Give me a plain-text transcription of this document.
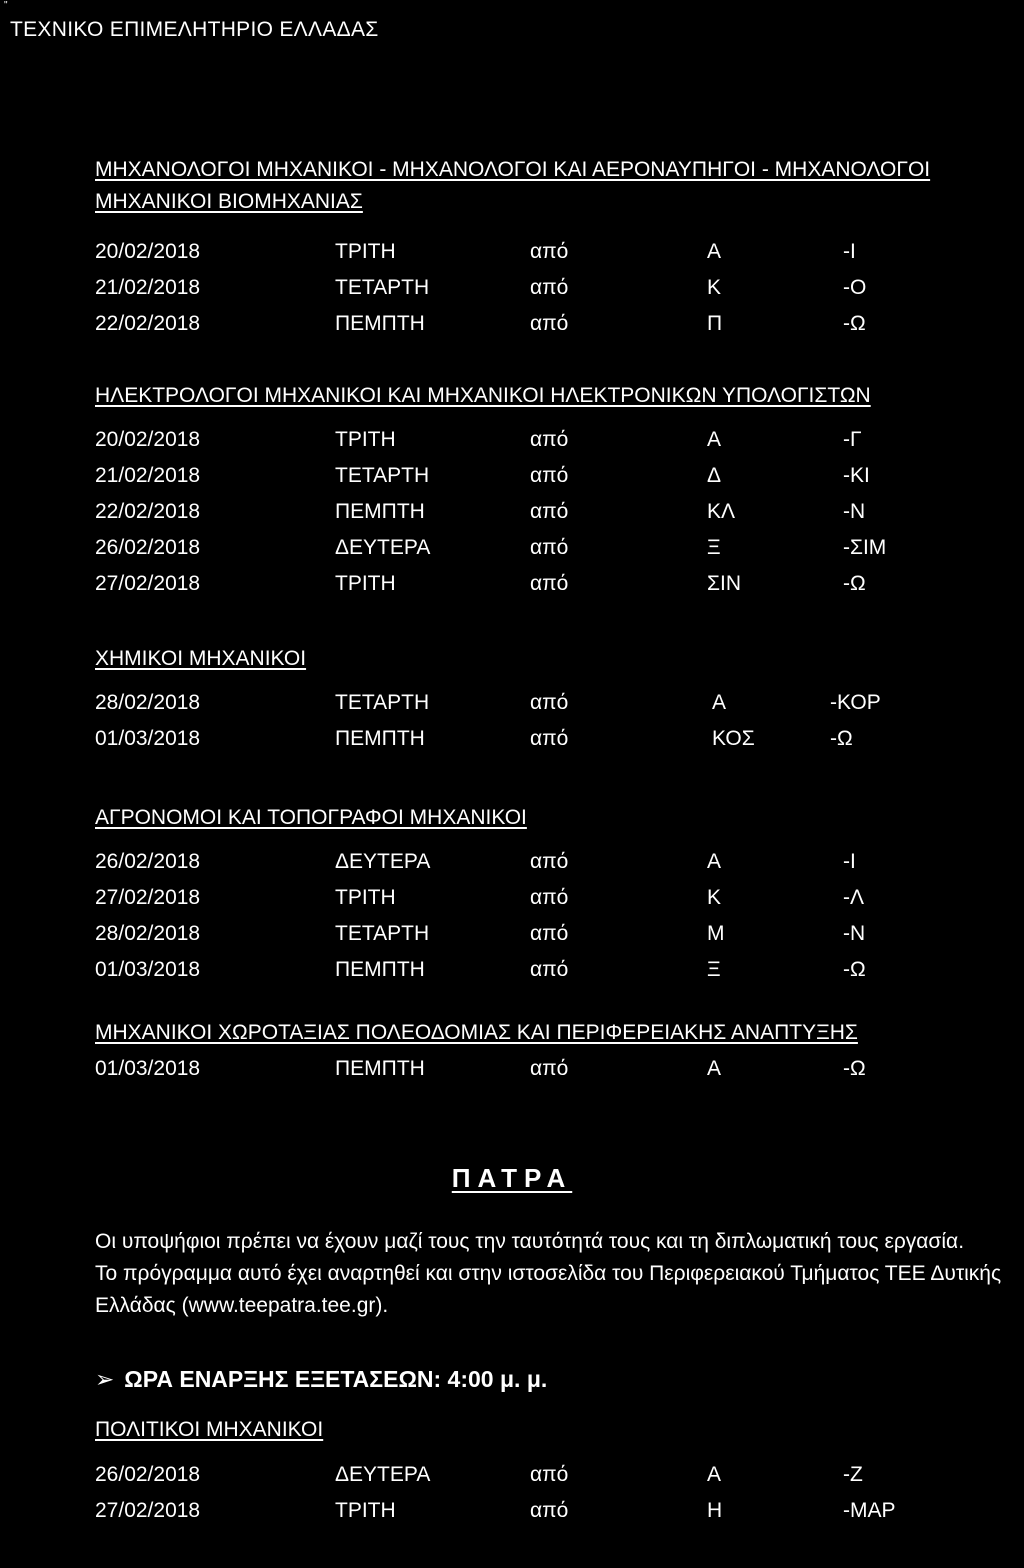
"
ΤΕΧΝΙΚΟ ΕΠΙΜΕΛΗΤΗΡΙΟ ΕΛΛΑΔΑΣ

ΜΗΧΑΝΟΛΟΓΟΙ ΜΗΧΑΝΙΚΟΙ - ΜΗΧΑΝΟΛΟΓΟΙ ΚΑΙ ΑΕΡΟΝΑΥΠΗΓΟΙ - ΜΗΧΑΝΟΛΟΓΟΙ ΜΗΧΑΝΙΚΟΙ ΒΙΟΜΗΧΑΝΙΑΣ

20/02/2018	ΤΡΙΤΗ	από	Α	-Ι
21/02/2018	ΤΕΤΑΡΤΗ	από	Κ	-Ο
22/02/2018	ΠΕΜΠΤΗ	από	Π	-Ω

ΗΛΕΚΤΡΟΛΟΓΟΙ ΜΗΧΑΝΙΚΟΙ ΚΑΙ ΜΗΧΑΝΙΚΟΙ ΗΛΕΚΤΡΟΝΙΚΩΝ ΥΠΟΛΟΓΙΣΤΩΝ

20/02/2018	ΤΡΙΤΗ	από	Α	-Γ
21/02/2018	ΤΕΤΑΡΤΗ	από	Δ	-ΚΙ
22/02/2018	ΠΕΜΠΤΗ	από	ΚΛ	-Ν
26/02/2018	ΔΕΥΤΕΡΑ	από	Ξ	-ΣΙΜ
27/02/2018	ΤΡΙΤΗ	από	ΣΙΝ	-Ω

ΧΗΜΙΚΟΙ ΜΗΧΑΝΙΚΟΙ

28/02/2018	ΤΕΤΑΡΤΗ	από	Α	-ΚΟΡ
01/03/2018	ΠΕΜΠΤΗ	από	ΚΟΣ	-Ω

ΑΓΡΟΝΟΜΟΙ ΚΑΙ ΤΟΠΟΓΡΑΦΟΙ ΜΗΧΑΝΙΚΟΙ

26/02/2018	ΔΕΥΤΕΡΑ	από	Α	-Ι
27/02/2018	ΤΡΙΤΗ	από	Κ	-Λ
28/02/2018	ΤΕΤΑΡΤΗ	από	Μ	-Ν
01/03/2018	ΠΕΜΠΤΗ	από	Ξ	-Ω

ΜΗΧΑΝΙΚΟΙ ΧΩΡΟΤΑΞΙΑΣ ΠΟΛΕΟΔΟΜΙΑΣ ΚΑΙ ΠΕΡΙΦΕΡΕΙΑΚΗΣ ΑΝΑΠΤΥΞΗΣ

01/03/2018	ΠΕΜΠΤΗ	από	Α	-Ω
ΠΑΤΡΑ

Οι υποψήφιοι πρέπει να έχουν μαζί τους την ταυτότητά τους και τη διπλωματική τους εργασία.

Το πρόγραμμα αυτό έχει αναρτηθεί και στην ιστοσελίδα του Περιφερειακού Τμήματος ΤΕΕ Δυτικής Ελλάδας (www.teepatra.tee.gr).

➢ ΩΡΑ ΕΝΑΡΞΗΣ ΕΞΕΤΑΣΕΩΝ: 4:00 μ. μ.

ΠΟΛΙΤΙΚΟΙ ΜΗΧΑΝΙΚΟΙ

26/02/2018	ΔΕΥΤΕΡΑ	από	Α	-Ζ
27/02/2018	ΤΡΙΤΗ	από	Η	-ΜΑΡ
